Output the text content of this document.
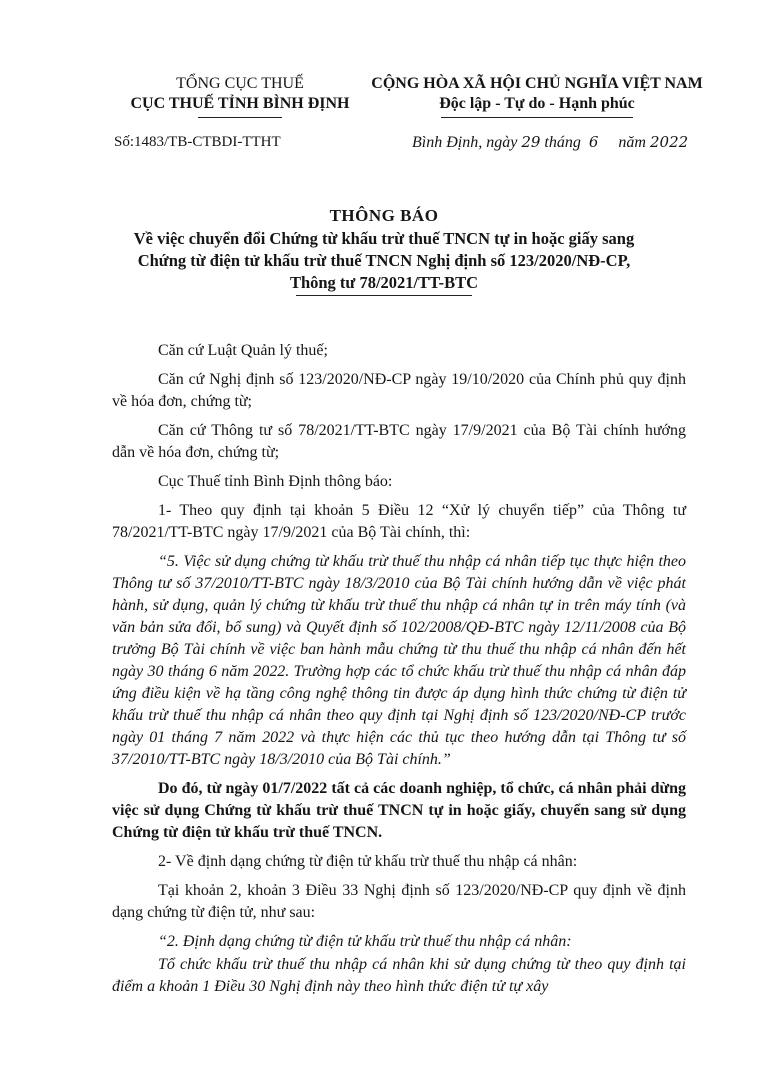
TỔNG CỤC THUẾ
CỤC THUẾ TỈNH BÌNH ĐỊNH
CỘNG HÒA XÃ HỘI CHỦ NGHĨA VIỆT NAM
Độc lập - Tự do - Hạnh phúc
Số:1483/TB-CTBDI-TTHT	Bình Định, ngày 29 tháng 6 năm 2022
THÔNG BÁO
Về việc chuyển đổi Chứng từ khấu trừ thuế TNCN tự in hoặc giấy sang
Chứng từ điện tử khấu trừ thuế TNCN Nghị định số 123/2020/NĐ-CP,
Thông tư 78/2021/TT-BTC

Căn cứ Luật Quản lý thuế;

Căn cứ Nghị định số 123/2020/NĐ-CP ngày 19/10/2020 của Chính phủ quy định về hóa đơn, chứng từ;

Căn cứ Thông tư số 78/2021/TT-BTC ngày 17/9/2021 của Bộ Tài chính hướng dẫn về hóa đơn, chứng từ;

Cục Thuế tỉnh Bình Định thông báo:

1- Theo quy định tại khoản 5 Điều 12 “Xử lý chuyển tiếp” của Thông tư 78/2021/TT-BTC ngày 17/9/2021 của Bộ Tài chính, thì:

“5. Việc sử dụng chứng từ khấu trừ thuế thu nhập cá nhân tiếp tục thực hiện theo Thông tư số 37/2010/TT-BTC ngày 18/3/2010 của Bộ Tài chính hướng dẫn về việc phát hành, sử dụng, quản lý chứng từ khấu trừ thuế thu nhập cá nhân tự in trên máy tính (và văn bản sửa đổi, bổ sung) và Quyết định số 102/2008/QĐ-BTC ngày 12/11/2008 của Bộ trưởng Bộ Tài chính về việc ban hành mẫu chứng từ thu thuế thu nhập cá nhân đến hết ngày 30 tháng 6 năm 2022. Trường hợp các tổ chức khấu trừ thuế thu nhập cá nhân đáp ứng điều kiện về hạ tầng công nghệ thông tin được áp dụng hình thức chứng từ điện tử khấu trừ thuế thu nhập cá nhân theo quy định tại Nghị định số 123/2020/NĐ-CP trước ngày 01 tháng 7 năm 2022 và thực hiện các thủ tục theo hướng dẫn tại Thông tư số 37/2010/TT-BTC ngày 18/3/2010 của Bộ Tài chính.”

Do đó, từ ngày 01/7/2022 tất cả các doanh nghiệp, tổ chức, cá nhân phải dừng việc sử dụng Chứng từ khấu trừ thuế TNCN tự in hoặc giấy, chuyển sang sử dụng Chứng từ điện tử khấu trừ thuế TNCN.

2- Về định dạng chứng từ điện tử khấu trừ thuế thu nhập cá nhân:

Tại khoản 2, khoản 3 Điều 33 Nghị định số 123/2020/NĐ-CP quy định về định dạng chứng từ điện tử, như sau:

“2. Định dạng chứng từ điện tử khấu trừ thuế thu nhập cá nhân:

Tổ chức khấu trừ thuế thu nhập cá nhân khi sử dụng chứng từ theo quy định tại điểm a khoản 1 Điều 30 Nghị định này theo hình thức điện tử tự xây
